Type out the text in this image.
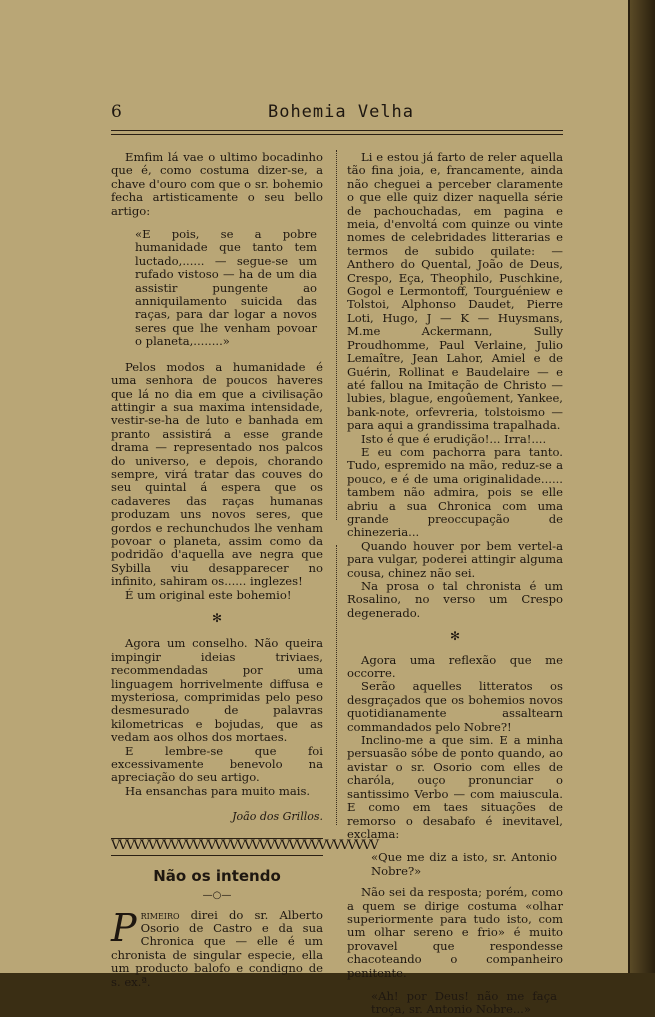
6	Bohemia Velha

Emfim lá vae o ultimo bocadinho que é, como costuma dizer-se, a chave d'ouro com que o sr. bohemio fecha artisticamente o seu bello artigo:

«E pois, se a pobre humanidade que tanto tem luctado,...... — segue-se um rufado vistoso — ha de um dia assistir pungente ao anniquilamento suicida das raças, para dar logar a novos seres que lhe venham povoar o planeta,........»

Pelos modos a humanidade é uma senhora de poucos haveres que lá no dia em que a civilisação attingir a sua maxima intensidade, vestir-se-ha de luto e banhada em pranto assistirá a esse grande drama — representado nos palcos do universo, e depois, chorando sempre, virá tratar das couves do seu quintal á espera que os cadaveres das raças humanas produzam uns novos seres, que gordos e rechunchudos lhe venham povoar o planeta, assim como da podridão d'aquella ave negra que Sybilla viu desapparecer no infinito, sahiram os...... inglezes!

É um original este bohemio!

✻

Agora um conselho. Não queira impingir ideias triviaes, recommendadas por uma linguagem horrivelmente diffusa e mysteriosa, comprimidas pelo peso desmesurado de palavras kilometricas e bojudas, que as vedam aos olhos dos mortaes.

E lembre-se que foi excessivamente benevolo na apreciação do seu artigo.

Ha ensanchas para muito mais.

João dos Grillos.

VVVVVVVVVVVVVVVVVVVVVVVVVVVVVVVVVVVV

Não os intendo

—○—

P rimeiro direi do sr. Alberto Osorio de Castro e da sua Chronica que — elle é um chronista de singular especie, ella um producto balofo e condigno de s. ex.ª.

Li e estou já farto de reler aquella tão fina joia, e, francamente, ainda não cheguei a perceber claramente o que elle quiz dizer naquella série de pachouchadas, em pagina e meia, d'envoltá com quinze ou vinte nomes de celebridades litterarias e termos de subido quilate: — Anthero do Quental, João de Deus, Crespo, Eça, Theophilo, Puschkine, Gogol e Lermontoff, Tourguéniew e Tolstoi, Alphonso Daudet, Pierre Loti, Hugo, J — K — Huysmans, M.me Ackermann, Sully Proudhomme, Paul Verlaine, Julio Lemaître, Jean Lahor, Amiel e de Guérin, Rollinat e Baudelaire — e até fallou na Imitação de Christo — lubies, blague, engoûement, Yankee, bank-note, orfevreria, tolstoismo — para aqui a grandissima trapalhada.

Isto é que é erudição!... Irra!....

E eu com pachorra para tanto. Tudo, espremido na mão, reduz-se a pouco, e é de uma originalidade...... tambem não admira, pois se elle abriu a sua Chronica com uma grande preoccupação de chinezeria...

Quando houver por bem vertel-a para vulgar, poderei attingir alguma cousa, chinez não sei.

Na prosa o tal chronista é um Rosalino, no verso um Crespo degenerado.

✻

Agora uma reflexão que me occorre.

Serão aquelles litteratos os desgraçados que os bohemios novos quotidianamente assaltearn commandados pelo Nobre?!

Inclino-me a que sim. E a minha persuasão sóbe de ponto quando, ao avistar o sr. Osorio com elles de charóla, ouço pronunciar o santissimo Verbo — com maiuscula. E como em taes situações de remorso o desabafo é inevitavel, exclama:

«Que me diz a isto, sr. Antonio Nobre?»

Não sei da resposta; porém, como a quem se dirige costuma «olhar superiormente para tudo isto, com um olhar sereno e frio» é muito provavel que respondesse chacoteando o companheiro penitente.

«Ah! por Deus! não me faça troça, sr. Antonio Nobre...»
